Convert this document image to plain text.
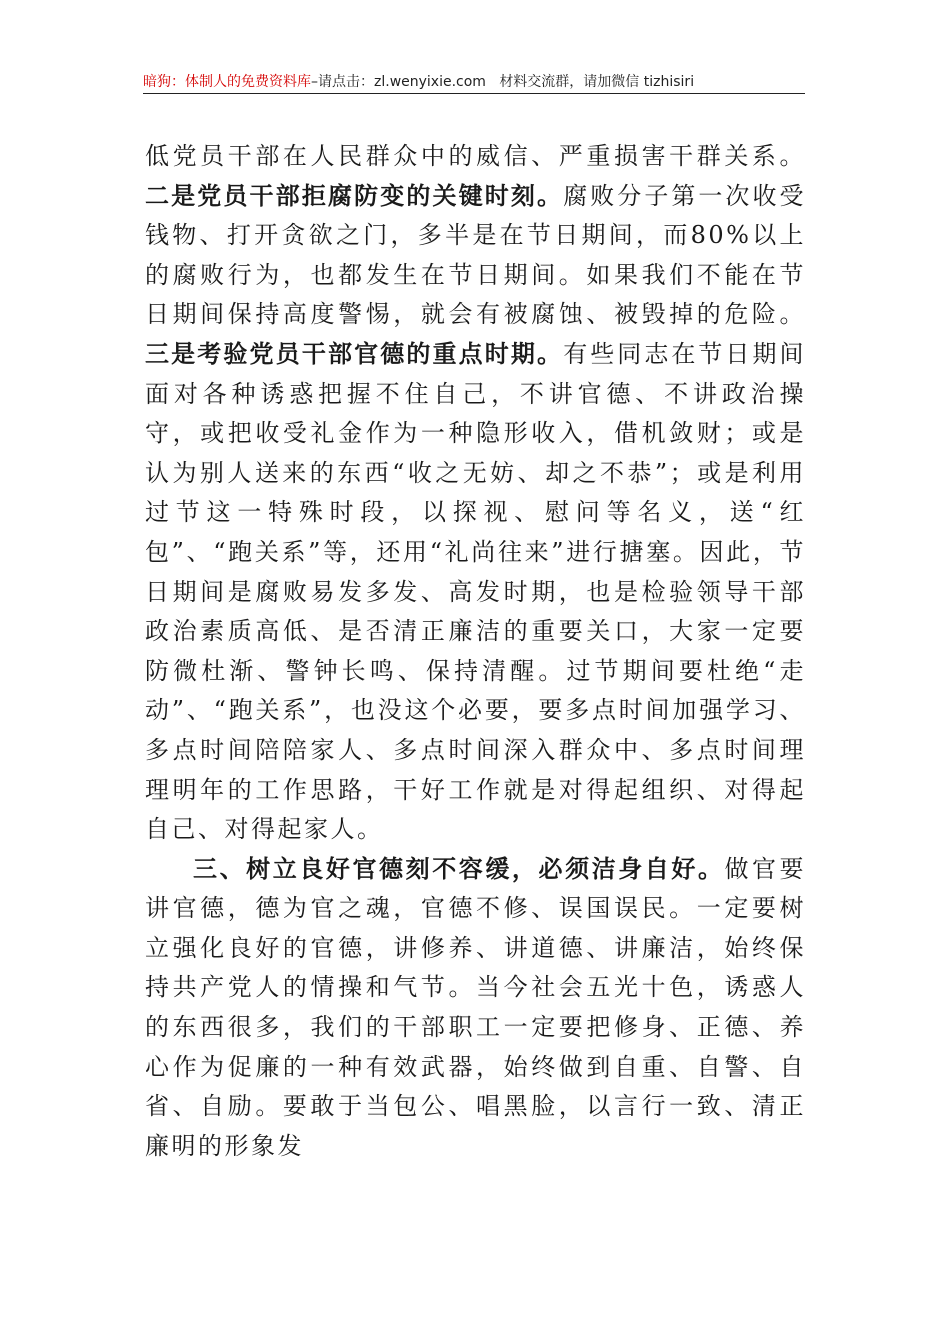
暗狗：体制人的免费资料库–请点击：zl.wenyixie.com 材料交流群，请加微信 tizhisiri

低党员干部在人民群众中的威信、严重损害干群关系。二是党员干部拒腐防变的关键时刻。腐败分子第一次收受钱物、打开贪欲之门，多半是在节日期间，而80%以上的腐败行为，也都发生在节日期间。如果我们不能在节日期间保持高度警惕，就会有被腐蚀、被毁掉的危险。三是考验党员干部官德的重点时期。有些同志在节日期间面对各种诱惑把握不住自己，不讲官德、不讲政治操守，或把收受礼金作为一种隐形收入，借机敛财；或是认为别人送来的东西“收之无妨、却之不恭”；或是利用过节这一特殊时段，以探视、慰问等名义，送“红包”、“跑关系”等，还用“礼尚往来”进行搪塞。因此，节日期间是腐败易发多发、高发时期，也是检验领导干部政治素质高低、是否清正廉洁的重要关口，大家一定要防微杜渐、警钟长鸣、保持清醒。过节期间要杜绝“走动”、“跑关系”，也没这个必要，要多点时间加强学习、多点时间陪陪家人、多点时间深入群众中、多点时间理理明年的工作思路，干好工作就是对得起组织、对得起自己、对得起家人。

三、树立良好官德刻不容缓，必须洁身自好。做官要讲官德，德为官之魂，官德不修、误国误民。一定要树立强化良好的官德，讲修养、讲道德、讲廉洁，始终保持共产党人的情操和气节。当今社会五光十色，诱惑人的东西很多，我们的干部职工一定要把修身、正德、养心作为促廉的一种有效武器，始终做到自重、自警、自省、自励。要敢于当包公、唱黑脸，以言行一致、清正廉明的形象发
